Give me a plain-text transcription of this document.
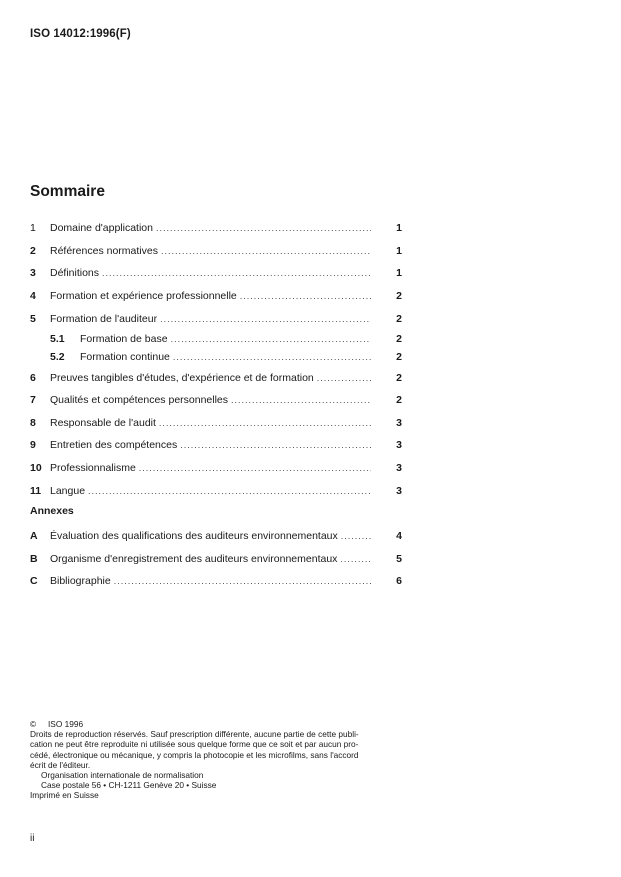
ISO 14012:1996(F)
Sommaire
1	Domaine d'application .....	1
2	Références normatives .....	1
3	Définitions .....	1
4	Formation et expérience professionnelle .....	2
5	Formation de l'auditeur .....	2
5.1	Formation de base .....	2
5.2	Formation continue .....	2
6	Preuves tangibles d'études, d'expérience et de formation .....	2
7	Qualités et compétences personnelles .....	2
8	Responsable de l'audit .....	3
9	Entretien des compétences .....	3
10 Professionnalisme .....	3
11 Langue .....	3
Annexes
A	Évaluation des qualifications des auditeurs environnementaux .....	4
B	Organisme d'enregistrement des auditeurs environnementaux .....	5
C	Bibliographie .....	6
© ISO 1996
Droits de reproduction réservés. Sauf prescription différente, aucune partie de cette publi-
cation ne peut être reproduite ni utilisée sous quelque forme que ce soit et par aucun pro-
cédé, électronique ou mécanique, y compris la photocopie et les microfilms, sans l'accord
écrit de l'éditeur.
Organisation internationale de normalisation
Case postale 56 • CH-1211 Genève 20 • Suisse
Imprimé en Suisse
ii
